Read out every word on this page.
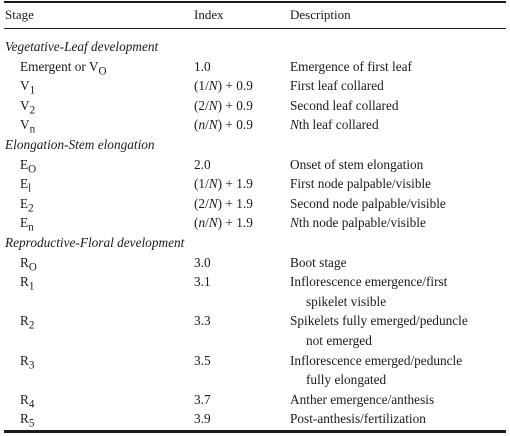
Stage	Index	Description
Vegetative-Leaf development
Emergent or $V_O$	1.0	Emergence of first leaf
$V_1$	(1/N) + 0.9	First leaf collared
$V_2$	(2/N) + 0.9	Second leaf collared
$V_n$	(n/N) + 0.9	Nth leaf collared
Elongation-Stem elongation
$E_O$	2.0	Onset of stem elongation
$E_l$	(1/N) + 1.9	First node palpable/visible
$E_2$	(2/N) + 1.9	Second node palpable/visible
$E_n$	(n/N) + 1.9	Nth node palpable/visible
Reproductive-Floral development
$R_O$	3.0	Boot stage
$R_1$	3.1	Inflorescence emergence/first
spikelet visible
$R_2$	3.3	Spikelets fully emerged/peduncle
not emerged
$R_3$	3.5	Inflorescence emerged/peduncle
fully elongated
$R_4$	3.7	Anther emergence/anthesis
$R_5$	3.9	Post-anthesis/fertilization
